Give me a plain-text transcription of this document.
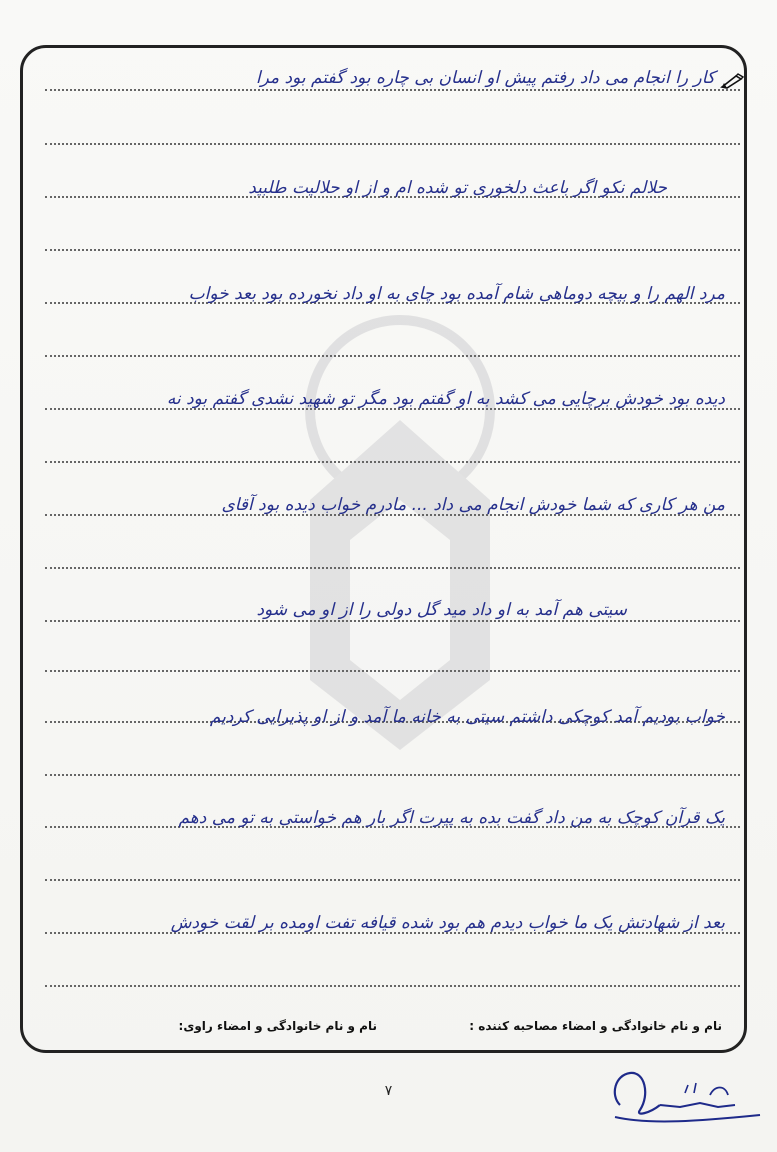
کار را انجام می داد رفتم پیش او انسان بی چاره بود گفتم بود مرا
حلالم نکو اگر باعث دلخوری تو شده ام و از او حلالیت طلبید
مرد الهم را و بیچه دوماهی شام آمده بود چای به او داد نخورده بود بعد خواب
دیده بود خودش برچایی می کشد به او گفتم بود مگر تو شهید نشدی گفتم بود نه
من هر کاری که شما خودش انجام می داد ... مادرم خواب دیده بود آقای
سیتی هم آمد به او داد مید گل دولی را از او می شود
خواب بودیم آمد کوچکی داشتم سیتی به خانه ما آمد و از او پذیرایی کردیم
یک قرآن کوچک به من داد گفت بده به پیرت اگر بار هم خواستی به تو می دهم
بعد از شهادتش یک ما خواب دیدم هم بود شده قیافه تفت اومده بر لقت خودش
نام و نام خانوادگی و امضاء مصاحبه کننده :
نام و نام خانوادگی و امضاء راوی:
۷
